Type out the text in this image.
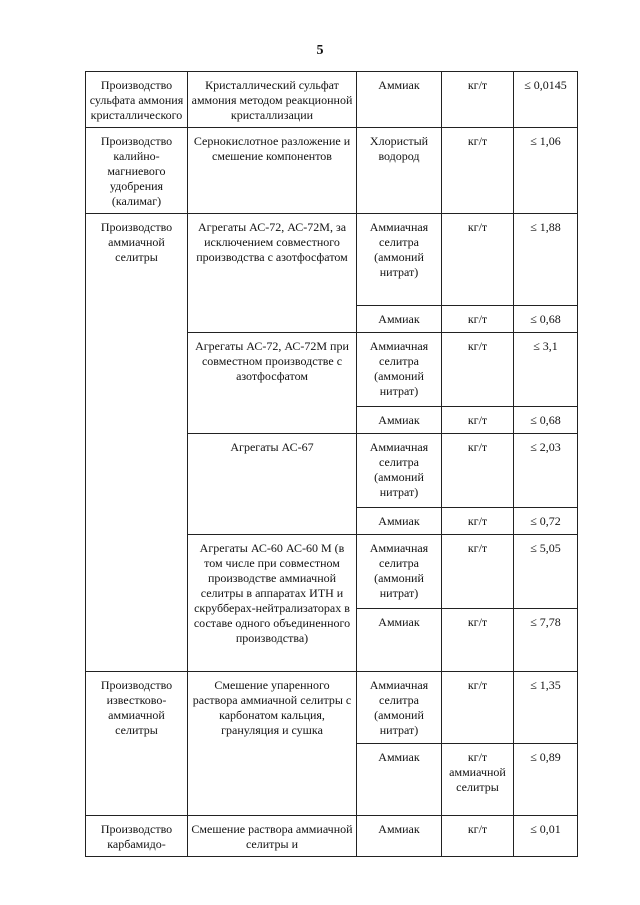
5
Производство сульфата аммония кристаллического	Кристаллический сульфат аммония методом реакционной кристаллизации	Аммиак	кг/т	≤ 0,0145
Производство калийно-магниевого удобрения (калимаг)	Сернокислотное разложение и смешение компонентов	Хлористый водород	кг/т	≤ 1,06
Производство аммиачной селитры	Агрегаты АС-72, АС-72М, за исключением совместного производства с азотфосфатом	Аммиачная селитра (аммоний нитрат)	кг/т	≤ 1,88
		Аммиак	кг/т	≤ 0,68
	Агрегаты АС-72, АС-72М при совместном производстве с азотфосфатом	Аммиачная селитра (аммоний нитрат)	кг/т	≤ 3,1
		Аммиак	кг/т	≤ 0,68
	Агрегаты АС-67	Аммиачная селитра (аммоний нитрат)	кг/т	≤ 2,03
		Аммиак	кг/т	≤ 0,72
	Агрегаты АС-60 АС-60 М (в том числе при совместном производстве аммиачной селитры в аппаратах ИТН и скрубберах-нейтрализаторах в составе одного объединенного производства)	Аммиачная селитра (аммоний нитрат)	кг/т	≤ 5,05
		Аммиак	кг/т	≤ 7,78
Производство известково-аммиачной селитры	Смешение упаренного раствора аммиачной селитры с карбонатом кальция, грануляция и сушка	Аммиачная селитра (аммоний нитрат)	кг/т	≤ 1,35
		Аммиак	кг/т аммиачной селитры	≤ 0,89
Производство карбамидо-	Смешение раствора аммиачной селитры и	Аммиак	кг/т	≤ 0,01
